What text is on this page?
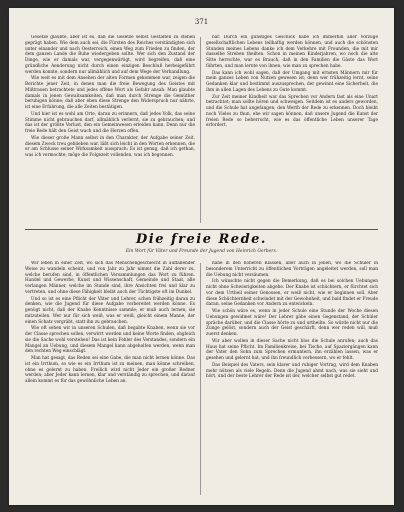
371

Gesetze glaubte, aber ist es, daß die Gesetze selbst Gestalten zu stehen geprägt haben. Wie dem auch sei, die Fürsten des Reiches verständigten sich unter einander und nach Oesterreich, einen Weg zum Frieden zu finden, der dem ganzen Lande die Ruhe wiedergeben sollte. Wer sich den Zustand der Dinge, wie er damals war, vergegenwärtigt, wird begreifen, daß eine gründliche Aenderung nicht durch einen einzigen Beschluß herbeigeführt werden konnte, sondern nur allmählich und auf dem Wege der Verhandlung.

Wie weit es mit dem Ansehen der alten Formen gekommen war, zeigen die Berichte jener Zeit, in denen man die freie Bewegung des Geistes mit Mißtrauen betrachtete und jedes offene Wort als Gefahr ansah. Man glaubte damals in jenen Gewaltsamkeiten, daß man durch Strenge die Gemüther beruhigen könne; daß aber eben diese Strenge den Widerspruch nur nährte, ist eine Erfahrung, die alle Zeiten bestätigen.

Und hier ist es wohl am Orte, daran zu erinnern, daß jedes Volk, das seine Stimme nicht gebrauchen darf, allmählich verlernt, sie zu gebrauchen; und das ist der größte Verlust, den ein Gemeinwesen erleiden kann. Denn nur die freie Rede hält den Geist wach und die Herzen offen.

Wie dieser große Mann selbst in den Charakter, der Aufgabe seiner Zeit, diesem Zweck treu geblieben war, läßt sich leicht in den Worten erkennen, die er am Schlusse seiner Wirksamkeit aussprach: Es ist genug, daß ich gethan, was ich vermochte; möge die Folgezeit vollenden, was ich begonnen.

bar. Durch ein günstiges Geschick habe ich immerhin aller Vorzüge gesellschaftlichen Lebens teilhaftig werden können, und auch die schönsten Stunden meines Lebens danke ich dem Verkehre mit Freunden, die mit mir dasselbe Streben theilten. Schon in meinen Kinderjahren, wo noch die alte Sitte herrschte, war es Brauch, daß in den Familien die Gäste das Wort führten, und man lernte von ihnen, wie man zu sprechen habe.

Das kann ich wohl sagen, daß der Umgang mit ernsten Männern mir für mein ganzes Leben von Nutzen gewesen ist; denn wer frühzeitig lernt, seine Gedanken klar und bestimmt auszusprechen, der gewinnt eine Sicherheit, die ihm in allen Lagen des Lebens zu Gute kommt.

Zur Zeit meiner Kindheit war das Sprechen vor Andern fast als eine Unart betrachtet; man sollte hören und schweigen. Seitdem ist es anders geworden, und die Schule hat angefangen, den Werth der Rede zu erkennen. Doch bleibt noch Vieles zu thun, ehe wir sagen können, daß unsere Jugend die Kunst der freien Rede so beherrscht, wie es das öffentliche Leben unserer Tage erfordert.

Die freie Rede.
Ein Wort für Väter und Freunde der Jugend von Heinrich Gerbers.

Wir leben in einer Zeit, wo sich das Menschengeschlecht in auffallender Weise zu wandeln scheint, und von Jahr zu Jahr nimmt die Zahl derer zu, welche berufen sind, in öffentlichen Versammlungen das Wort zu führen. Handel und Gewerbe, Kunst und Wissenschaft, Gemeinde und Staat, alle verlangen Männer, welche im Stande sind, ihre Ansichten frei und klar zu vertreten, und ohne diese Fähigkeit bleibt auch der Tüchtigste oft im Dunkel.

Und so ist es eine Pflicht der Väter und Lehrer, schon frühzeitig daran zu denken, wie die Jugend für diese Aufgabe vorbereitet werden könne. Es genügt nicht, daß der Knabe Kenntnisse sammle; er muß auch lernen, sie mitzuteilen. Wer nur für sich weiß, was er weiß, gleicht einem Manne, der einen Schatz vergräbt, statt ihn zu gebrauchen.

Wie oft sehen wir in unseren Schulen, daß begabte Knaben, wenn sie vor der Classe sprechen sollen, verwirrt werden und keine Worte finden, obgleich sie die Sache wohl verstehen! Das ist kein Fehler des Verstandes, sondern ein Mangel an Uebung, und diesem Mangel kann abgeholfen werden, wenn man den rechten Weg einschlägt.

Man hat gesagt, das Reden sei eine Gabe, die man nicht lernen könne. Das ist ein Irrthum, so wie es ein Irrthum ist zu meinen, man könne schreiben, ohne es gelernt zu haben. Freilich wird nicht Jeder ein großer Redner werden; aber Jeder kann lernen, klar und verständig zu sprechen, und darauf allein kommt es für das gewöhnliche Leben an.

nahe in den höheren Klassen, aber auch in jenen, wo die Schüler in besonderem Unterricht zu öffentlichen Vorträgen angeleitet werden, soll man die Uebung nicht versäumen.

Ich wünschte nicht gegen die Bemerkung, daß es bei solchen Uebungen nicht ohne Schwierigkeiten abgehe. Der Knabe ist schüchtern, er fürchtet sich vor dem Urtheil seiner Genossen, er weiß nicht, wie er beginnen soll. Aber diese Schüchternheit schwindet mit der Gewohnheit, und bald findet er Freude daran, seine Gedanken vor Andern zu entwickeln.

Wie schön wäre es, wenn in jeder Schule eine Stunde der Woche diesen Uebungen gewidmet wäre! Der Lehrer gäbe einen Gegenstand, der Schüler spräche darüber, und die Classe hörte zu und urtheilte. So würde nicht nur die Zunge gelöst, sondern auch der Geist geschärft, denn wer reden will, muß zuerst denken.

Wir aber wollen in dieser Sache nicht blos die Schule anrufen; auch das Haus hat seine Pflicht. Im Familienkreise, bei Tische, auf Spaziergängen kann der Vater den Sohn zum Sprechen ermuntern, ihn erzählen lassen, was er gesehen und gelernt hat, und ihn freundlich verbessern, wo er fehlt.

Das Beispiel des Vaters, sein klarer und ruhiger Vortrag, wird dem Knaben mehr nützen als viele Regeln. Denn die Jugend ahmt nach, was sie sieht und hört, und der beste Lehrer der Rede ist der, welcher selbst gut redet.
